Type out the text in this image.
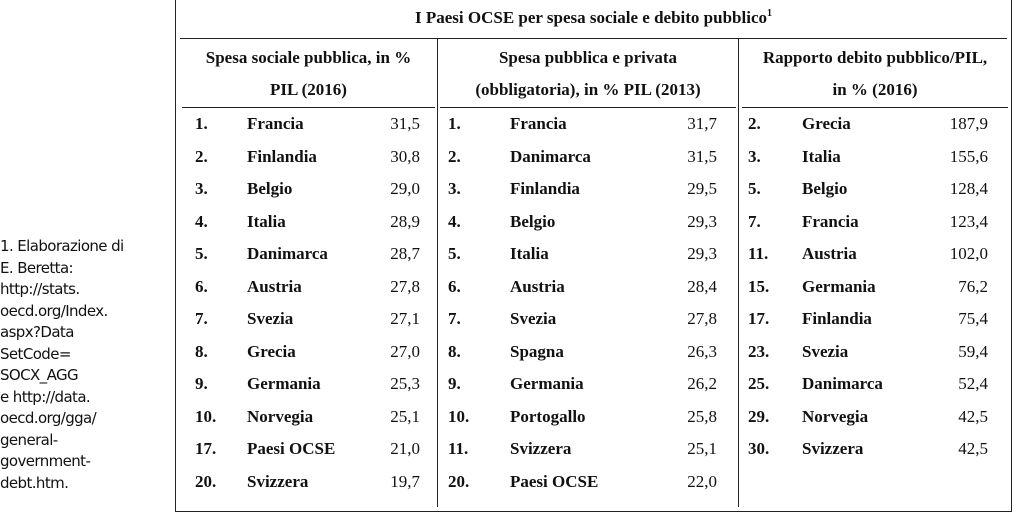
1. Elaborazione di
E. Beretta:
http://stats.
oecd.org/Index.
aspx?Data
SetCode=
SOCX_AGG
e http://data.
oecd.org/gga/
general-
government-
debt.htm.
I Paesi OCSE per spesa sociale e debito pubblico$^1$
Spesa sociale pubblica, in %
PIL (2016)
Spesa pubblica e privata
(obbligatoria), in % PIL (2013)
Rapporto debito pubblico/PIL,
in % (2016)
1. Francia	31,5
2. Finlandia	30,8
3. Belgio	29,0
4. Italia	28,9
5. Danimarca	28,7
6. Austria	27,8
7. Svezia	27,1
8. Grecia	27,0
9. Germania	25,3
10. Norvegia	25,1
17. Paesi OCSE	21,0
20. Svizzera	19,7
1.	Francia	31,7
2.	Danimarca	31,5
3.	Finlandia	29,5
4.	Belgio	29,3
5.	Italia	29,3
6.	Austria	28,4
7.	Svezia	27,8
8.	Spagna	26,3
9.	Germania	26,2
10. Portogallo	25,8
11. Svizzera	25,1
20. Paesi OCSE	22,0
2. Grecia	187,9
3. Italia	155,6
5. Belgio	128,4
7. Francia	123,4
11. Austria	102,0
15. Germania	76,2
17. Finlandia	75,4
23. Svezia	59,4
25. Danimarca	52,4
29. Norvegia	42,5
30. Svizzera	42,5
